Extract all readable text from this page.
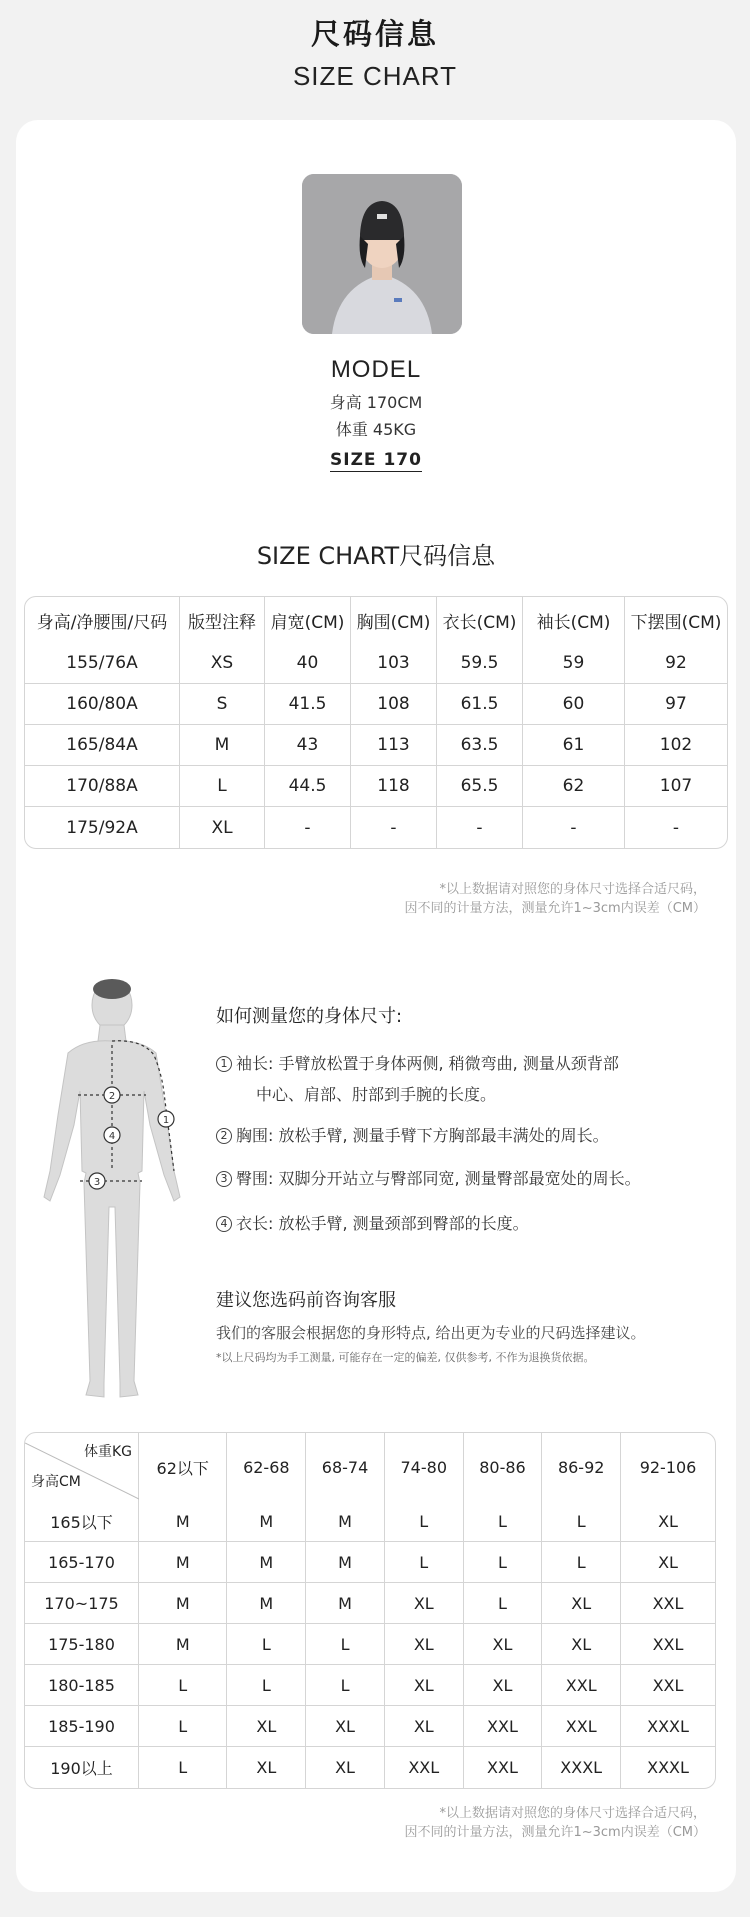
尺码信息
SIZE CHART
MODEL
身高 170CM
体重 45KG
SIZE 170
SIZE CHART尺码信息
身高/净腰围/尺码	版型注释	肩宽(CM)	胸围(CM)	衣长(CM)	袖长(CM)	下摆围(CM)
155/76A	XS	40	103	59.5	59	92
160/80A	S	41.5	108	61.5	60	97
165/84A	M	43	113	63.5	61	102
170/88A	L	44.5	118	65.5	62	107
175/92A	XL	-	-	-	-	-
*以上数据请对照您的身体尺寸选择合适尺码，
因不同的计量方法，测量允许1~3cm内误差（CM）
1
2
3
4
如何测量您的身体尺寸:
1 袖长: 手臂放松置于身体两侧, 稍微弯曲, 测量从颈背部
中心、肩部、肘部到手腕的长度。
2 胸围: 放松手臂, 测量手臂下方胸部最丰满处的周长。
3 臀围: 双脚分开站立与臀部同宽, 测量臀部最宽处的周长。
4 衣长: 放松手臂, 测量颈部到臀部的长度。
建议您选码前咨询客服
我们的客服会根据您的身形特点, 给出更为专业的尺码选择建议。
*以上尺码均为手工测量, 可能存在一定的偏差, 仅供参考, 不作为退换货依据。
体重KG
身高CM	62以下	62-68	68-74	74-80	80-86	86-92	92-106
165以下	M	M	M	L	L	L	XL
165-170	M	M	M	L	L	L	XL
170~175	M	M	M	XL	L	XL	XXL
175-180	M	L	L	XL	XL	XL	XXL
180-185	L	L	L	XL	XL	XXL	XXL
185-190	L	XL	XL	XL	XXL	XXL	XXXL
190以上	L	XL	XL	XXL	XXL	XXXL	XXXL
*以上数据请对照您的身体尺寸选择合适尺码，
因不同的计量方法，测量允许1~3cm内误差（CM）
